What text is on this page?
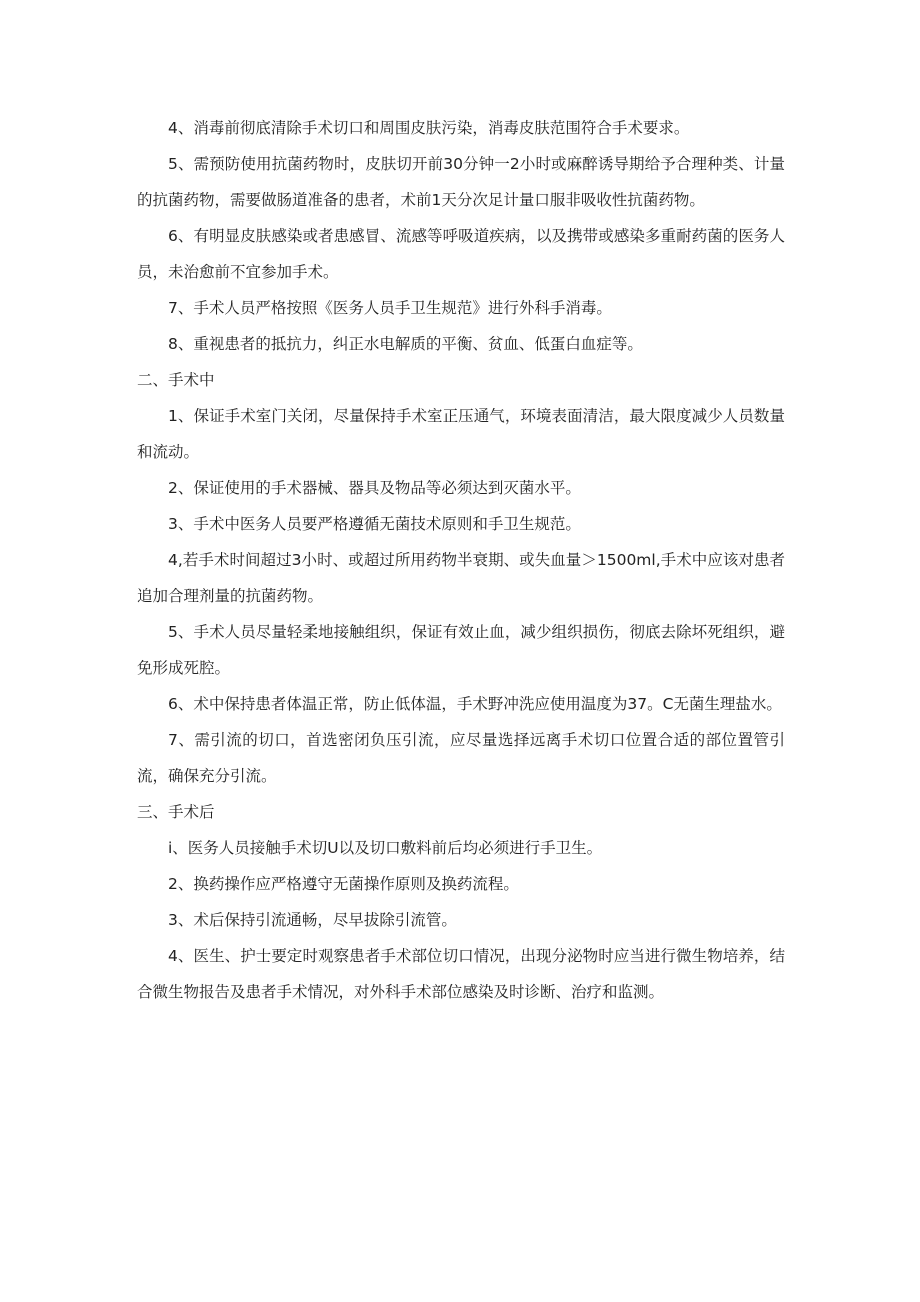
4、消毒前彻底清除手术切口和周围皮肤污染，消毒皮肤范围符合手术要求。

5、需预防使用抗菌药物时，皮肤切开前30分钟一2小时或麻醉诱导期给予合理种类、计量的抗菌药物，需要做肠道准备的患者，术前1天分次足计量口服非吸收性抗菌药物。

6、有明显皮肤感染或者患感冒、流感等呼吸道疾病，以及携带或感染多重耐药菌的医务人员，未治愈前不宜参加手术。

7、手术人员严格按照《医务人员手卫生规范》进行外科手消毒。

8、重视患者的抵抗力，纠正水电解质的平衡、贫血、低蛋白血症等。

二、手术中

1、保证手术室门关闭，尽量保持手术室正压通气，环境表面清洁，最大限度减少人员数量和流动。

2、保证使用的手术器械、器具及物品等必须达到灭菌水平。

3、手术中医务人员要严格遵循无菌技术原则和手卫生规范。

4,若手术时间超过3小时、或超过所用药物半衰期、或失血量＞1500ml,手术中应该对患者追加合理剂量的抗菌药物。

5、手术人员尽量轻柔地接触组织，保证有效止血，减少组织损伤，彻底去除坏死组织，避免形成死腔。

6、术中保持患者体温正常，防止低体温，手术野冲洗应使用温度为37。C无菌生理盐水。

7、需引流的切口，首选密闭负压引流，应尽量选择远离手术切口位置合适的部位置管引流，确保充分引流。

三、手术后

i、医务人员接触手术切U以及切口敷料前后均必须进行手卫生。

2、换药操作应严格遵守无菌操作原则及换药流程。

3、术后保持引流通畅，尽早拔除引流管。

4、医生、护士要定时观察患者手术部位切口情况，出现分泌物时应当进行微生物培养，结合微生物报告及患者手术情况，对外科手术部位感染及时诊断、治疗和监测。
